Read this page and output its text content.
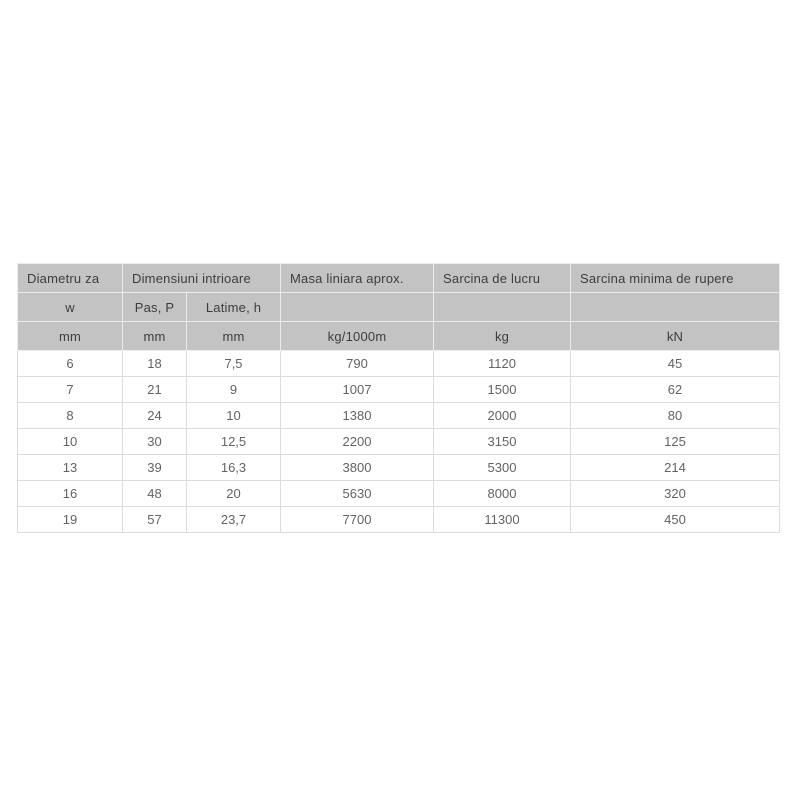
Diametru za	Dimensiuni intrioare		Masa liniara aprox.	Sarcina de lucru	Sarcina minima de rupere
w	Pas, P	Latime, h			
mm	mm	mm	kg/1000m	kg	kN
6	18	7,5	790	1120	45
7	21	9	1007	1500	62
8	24	10	1380	2000	80
10	30	12,5	2200	3150	125
13	39	16,3	3800	5300	214
16	48	20	5630	8000	320
19	57	23,7	7700	11300	450
